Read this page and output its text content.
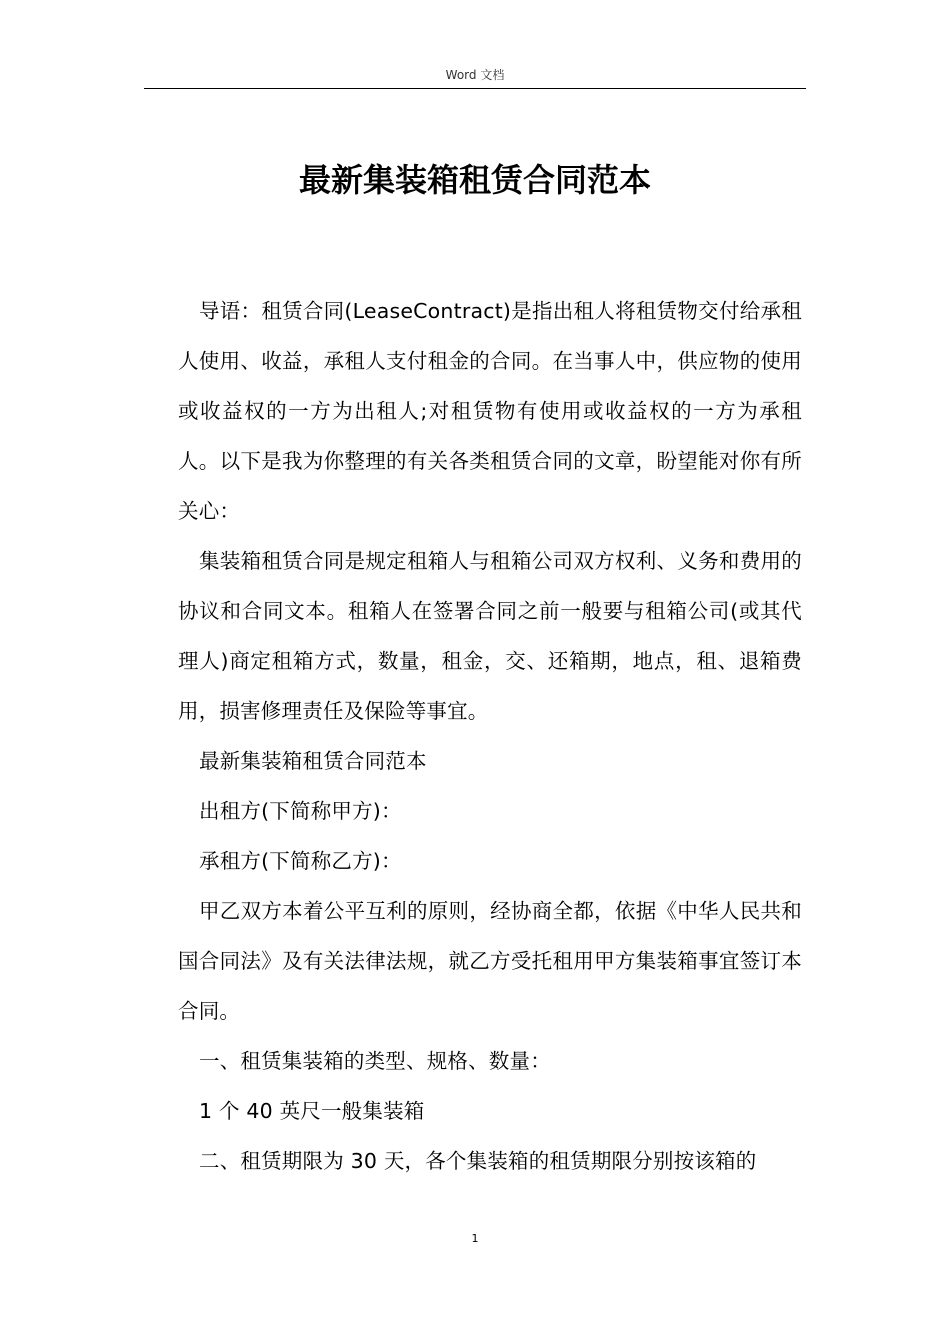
Word 文档
最新集装箱租赁合同范本

导语：租赁合同(LeaseContract)是指出租人将租赁物交付给承租人使用、收益，承租人支付租金的合同。在当事人中，供应物的使用或收益权的一方为出租人;对租赁物有使用或收益权的一方为承租人。以下是我为你整理的有关各类租赁合同的文章，盼望能对你有所关心：

集装箱租赁合同是规定租箱人与租箱公司双方权利、义务和费用的协议和合同文本。租箱人在签署合同之前一般要与租箱公司(或其代理人)商定租箱方式，数量，租金，交、还箱期，地点，租、退箱费用，损害修理责任及保险等事宜。

最新集装箱租赁合同范本

出租方(下简称甲方)：

承租方(下简称乙方)：

甲乙双方本着公平互利的原则，经协商全都，依据《中华人民共和国合同法》及有关法律法规，就乙方受托租用甲方集装箱事宜签订本合同。

一、租赁集装箱的类型、规格、数量：

1 个 40 英尺一般集装箱

二、租赁期限为 30 天，各个集装箱的租赁期限分别按该箱的

1
